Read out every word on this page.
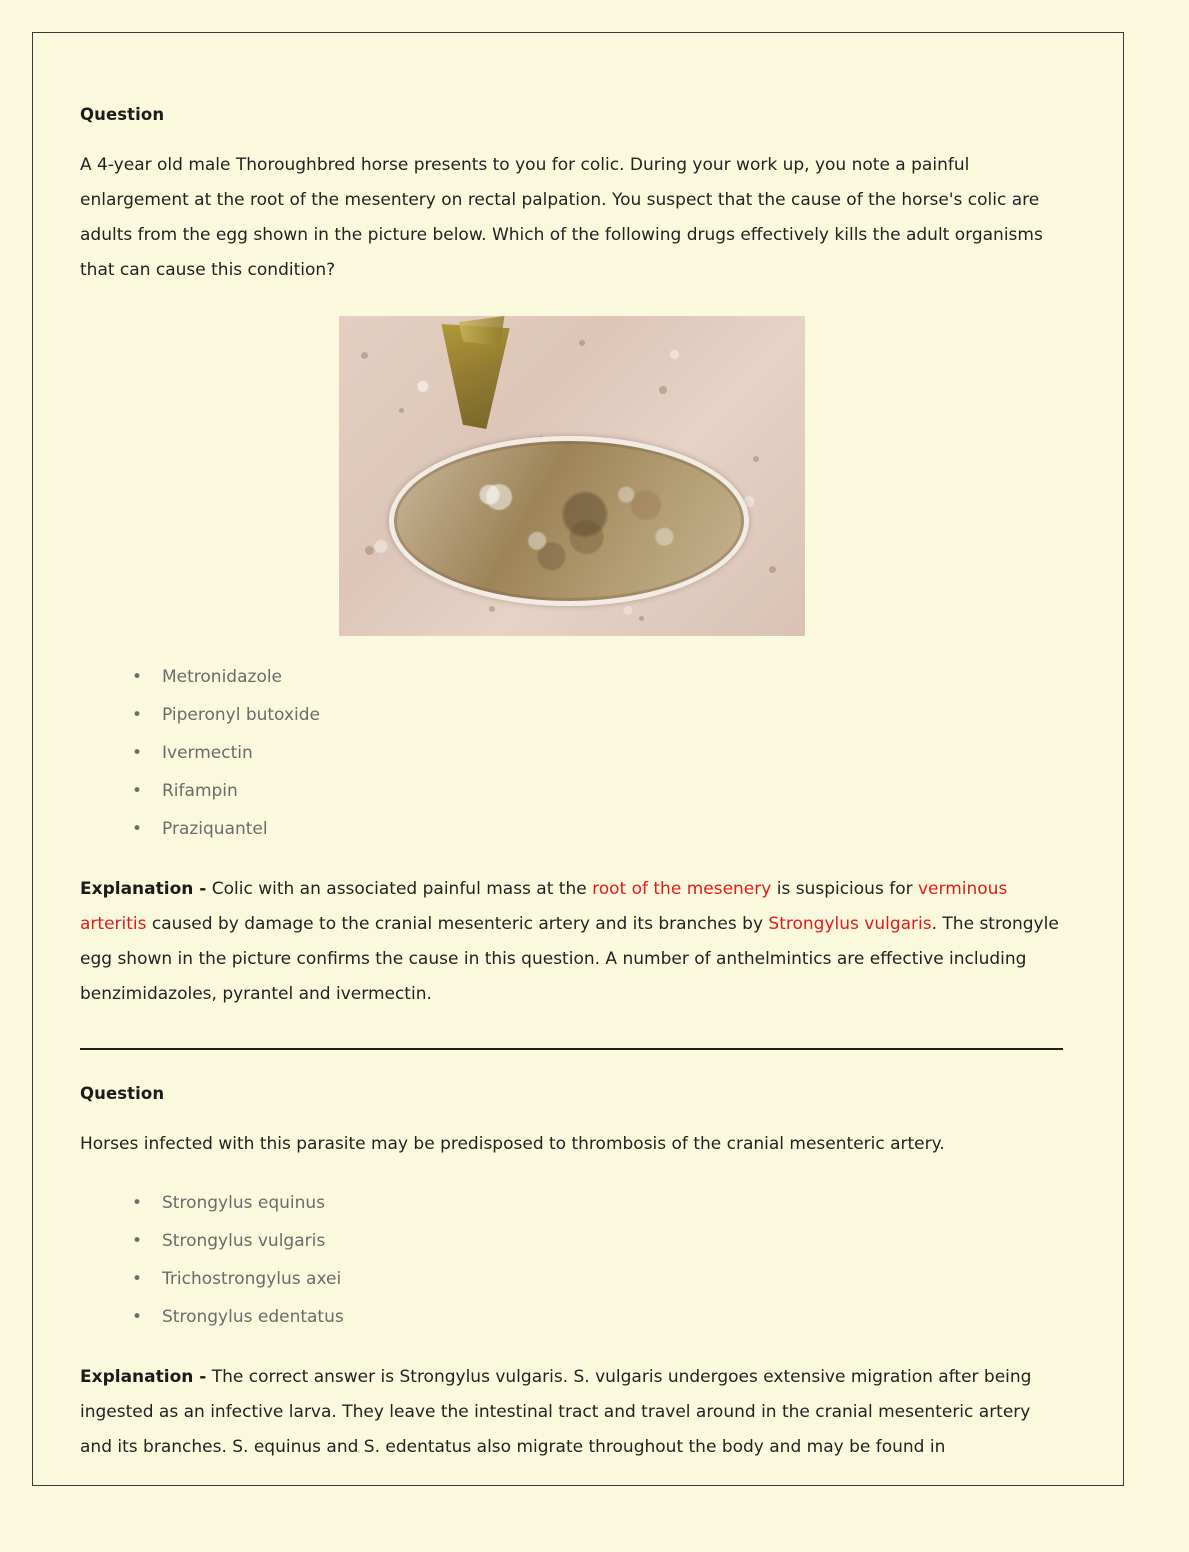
Question

A 4-year old male Thoroughbred horse presents to you for colic. During your work up, you note a painful enlargement at the root of the mesentery on rectal palpation. You suspect that the cause of the horse's colic are adults from the egg shown in the picture below. Which of the following drugs effectively kills the adult organisms that can cause this condition?

• Metronidazole
• Piperonyl butoxide
• Ivermectin
• Rifampin
• Praziquantel

Explanation - Colic with an associated painful mass at the root of the mesenery is suspicious for verminous arteritis caused by damage to the cranial mesenteric artery and its branches by Strongylus vulgaris. The strongyle egg shown in the picture confirms the cause in this question. A number of anthelmintics are effective including benzimidazoles, pyrantel and ivermectin.

Question

Horses infected with this parasite may be predisposed to thrombosis of the cranial mesenteric artery.

• Strongylus equinus
• Strongylus vulgaris
• Trichostrongylus axei
• Strongylus edentatus

Explanation - The correct answer is Strongylus vulgaris. S. vulgaris undergoes extensive migration after being ingested as an infective larva. They leave the intestinal tract and travel around in the cranial mesenteric artery and its branches. S. equinus and S. edentatus also migrate throughout the body and may be found in
